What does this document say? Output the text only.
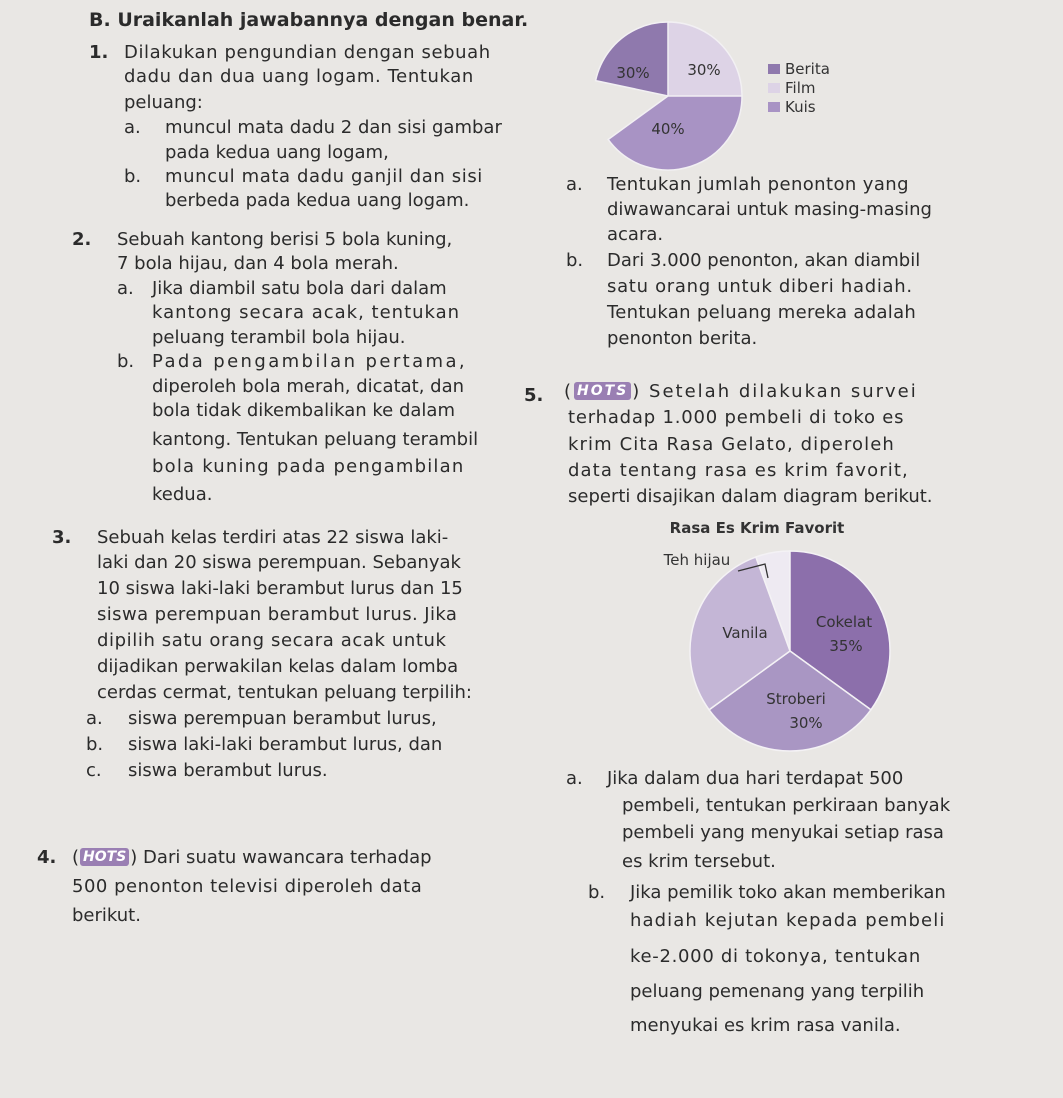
B. Uraikanlah jawabannya dengan benar.
1. Dilakukan pengundian dengan sebuah
dadu dan dua uang logam. Tentukan
peluang:
a. muncul mata dadu 2 dan sisi gambar
pada kedua uang logam,
b. muncul mata dadu ganjil dan sisi
berbeda pada kedua uang logam.
2. Sebuah kantong berisi 5 bola kuning,
7 bola hijau, dan 4 bola merah.
a. Jika diambil satu bola dari dalam
kantong secara acak, tentukan
peluang terambil bola hijau.
b. Pada pengambilan pertama,
diperoleh bola merah, dicatat, dan
bola tidak dikembalikan ke dalam
kantong. Tentukan peluang terambil
bola kuning pada pengambilan
kedua.
3. Sebuah kelas terdiri atas 22 siswa laki-
laki dan 20 siswa perempuan. Sebanyak
10 siswa laki-laki berambut lurus dan 15
siswa perempuan berambut lurus. Jika
dipilih satu orang secara acak untuk
dijadikan perwakilan kelas dalam lomba
cerdas cermat, tentukan peluang terpilih:
a. siswa perempuan berambut lurus,
b. siswa laki-laki berambut lurus, dan
c. siswa berambut lurus.
4. ( HOTS ) Dari suatu wawancara terhadap
500 penonton televisi diperoleh data
berikut.
a. Tentukan jumlah penonton yang
diwawancarai untuk masing-masing
acara.
b. Dari 3.000 penonton, akan diambil
satu orang untuk diberi hadiah.
Tentukan peluang mereka adalah
penonton berita.
5. ( HOTS ) Setelah dilakukan survei
terhadap 1.000 pembeli di toko es
krim Cita Rasa Gelato, diperoleh
data tentang rasa es krim favorit,
seperti disajikan dalam diagram berikut.
a. Jika dalam dua hari terdapat 500
pembeli, tentukan perkiraan banyak
pembeli yang menyukai setiap rasa
es krim tersebut.
b. Jika pemilik toko akan memberikan
hadiah kejutan kepada pembeli
ke-2.000 di tokonya, tentukan
peluang pemenang yang terpilih
menyukai es krim rasa vanila.
30%	30%
40%
Berita
Film
Kuis
Rasa Es Krim Favorit
Teh hijau
Cokelat
35%
Stroberi
30%
Vanila
